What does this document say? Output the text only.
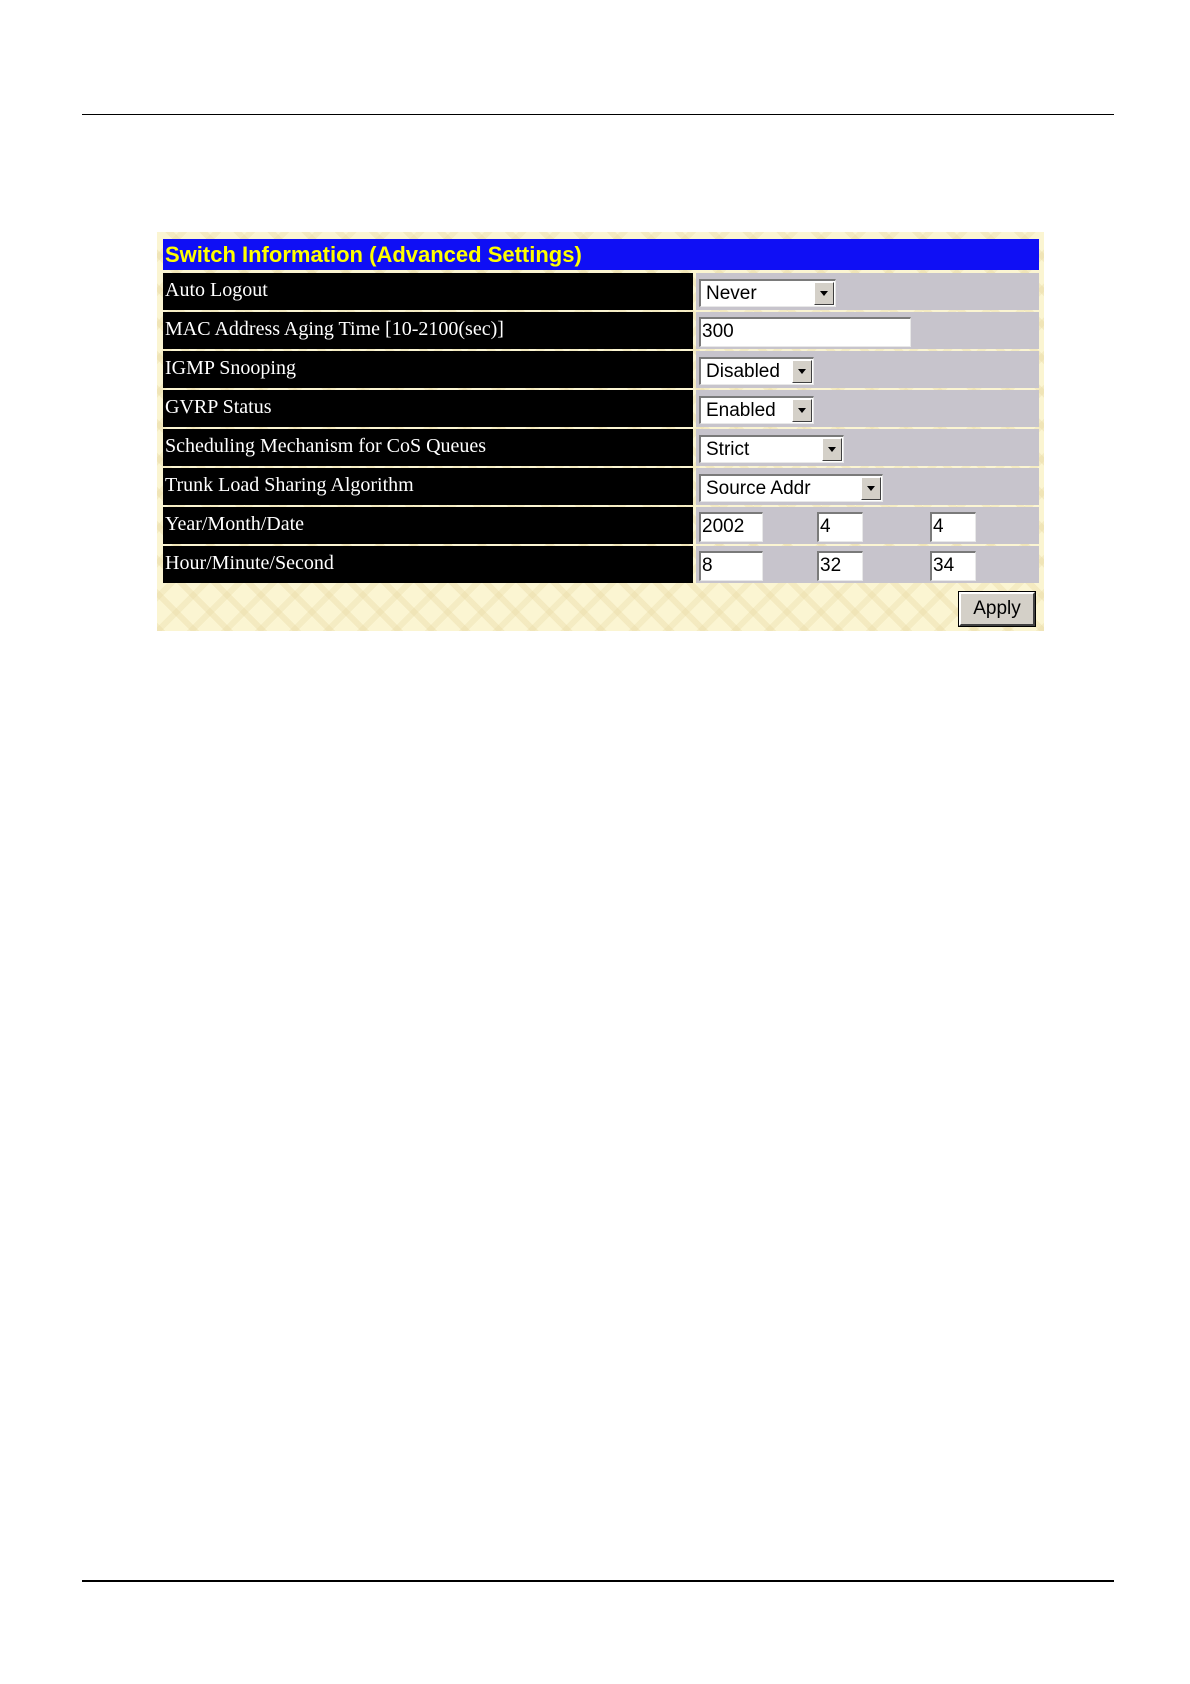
Switch Information (Advanced Settings)
Auto Logout	Never
MAC Address Aging Time [10-2100(sec)]	300
IGMP Snooping	Disabled
GVRP Status	Enabled
Scheduling Mechanism for CoS Queues	Strict
Trunk Load Sharing Algorithm	Source Addr
Year/Month/Date	2002	4	4
Hour/Minute/Second	8	32	34
Apply
